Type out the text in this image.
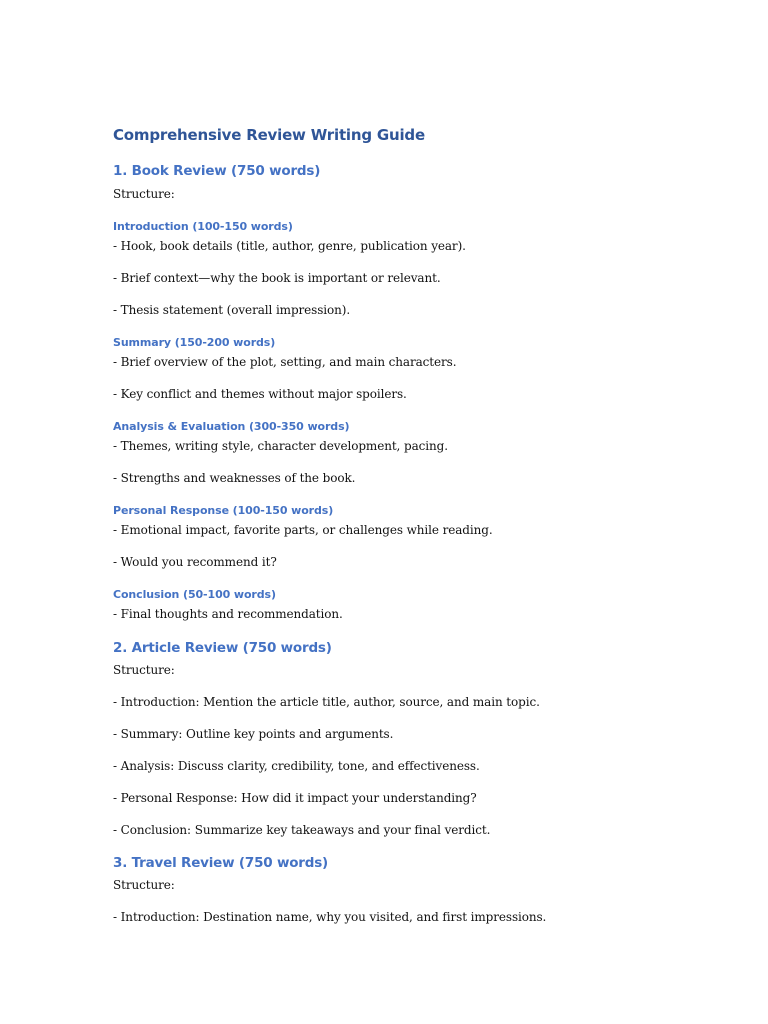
Comprehensive Review Writing Guide
1. Book Review (750 words)

Structure:

Introduction (100-150 words)

- Hook, book details (title, author, genre, publication year).

- Brief context—why the book is important or relevant.

- Thesis statement (overall impression).

Summary (150-200 words)

- Brief overview of the plot, setting, and main characters.

- Key conflict and themes without major spoilers.

Analysis & Evaluation (300-350 words)

- Themes, writing style, character development, pacing.

- Strengths and weaknesses of the book.

Personal Response (100-150 words)

- Emotional impact, favorite parts, or challenges while reading.

- Would you recommend it?

Conclusion (50-100 words)

- Final thoughts and recommendation.

2. Article Review (750 words)

Structure:

- Introduction: Mention the article title, author, source, and main topic.

- Summary: Outline key points and arguments.

- Analysis: Discuss clarity, credibility, tone, and effectiveness.

- Personal Response: How did it impact your understanding?

- Conclusion: Summarize key takeaways and your final verdict.

3. Travel Review (750 words)

Structure:

- Introduction: Destination name, why you visited, and first impressions.
